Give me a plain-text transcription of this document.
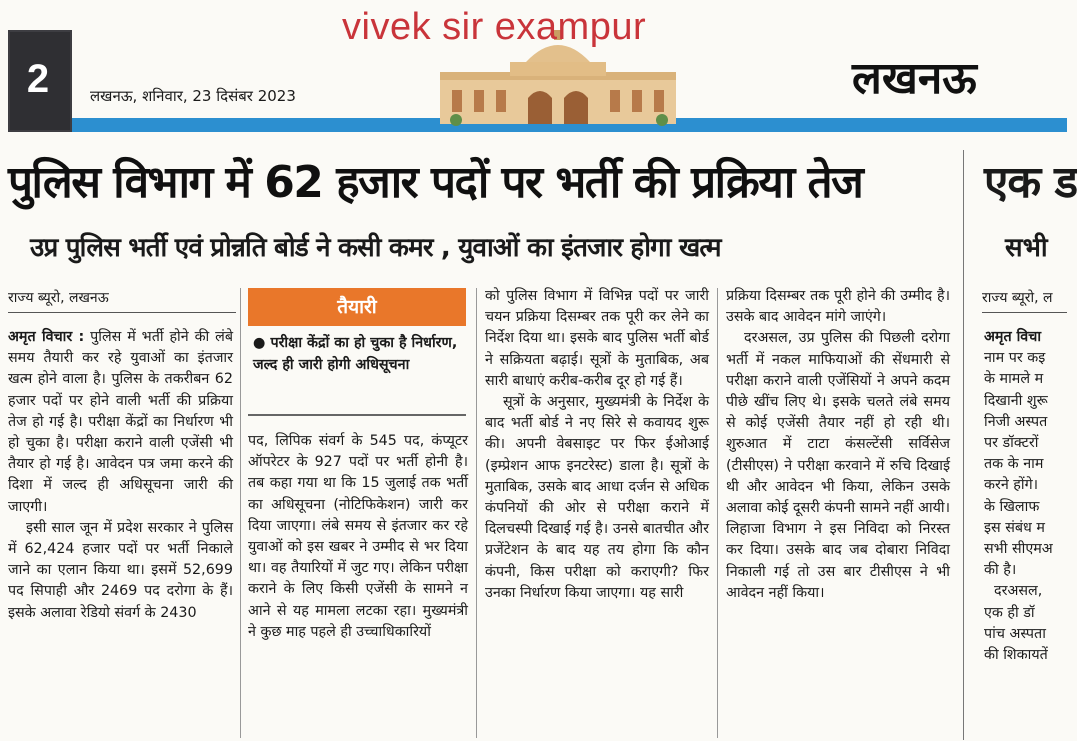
2	लखनऊ, शनिवार, 23 दिसंबर 2023
vivek sir exampur
लखनऊ
पुलिस विभाग में 62 हजार पदों पर भर्ती की प्रक्रिया तेज
उप्र पुलिस भर्ती एवं प्रोन्नति बोर्ड ने कसी कमर , युवाओं का इंतजार होगा खत्म
एक ड
सभी
राज्य ब्यूरो, लखनऊ

अमृत विचार : पुलिस में भर्ती होने की लंबे समय तैयारी कर रहे युवाओं का इंतजार खत्म होने वाला है। पुलिस के तकरीबन 62 हजार पदों पर होने वाली भर्ती की प्रक्रिया तेज हो गई है। परीक्षा केंद्रों का निर्धारण भी हो चुका है। परीक्षा कराने वाली एजेंसी भी तैयार हो गई है। आवेदन पत्र जमा करने की दिशा में जल्द ही अधिसूचना जारी की जाएगी।

इसी साल जून में प्रदेश सरकार ने पुलिस में 62,424 हजार पदों पर भर्ती निकाले जाने का एलान किया था। इसमें 52,699 पद सिपाही और 2469 पद दरोगा के हैं। इसके अलावा रेडियो संवर्ग के 2430

तैयारी
● परीक्षा केंद्रों का हो चुका है निर्धारण, जल्द ही जारी होगी अधिसूचना

पद, लिपिक संवर्ग के 545 पद, कंप्यूटर ऑपरेटर के 927 पदों पर भर्ती होनी है। तब कहा गया था कि 15 जुलाई तक भर्ती का अधिसूचना (नोटिफिकेशन) जारी कर दिया जाएगा। लंबे समय से इंतजार कर रहे युवाओं को इस खबर ने उम्मीद से भर दिया था। वह तैयारियों में जुट गए। लेकिन परीक्षा कराने के लिए किसी एजेंसी के सामने न आने से यह मामला लटका रहा। मुख्यमंत्री ने कुछ माह पहले ही उच्चाधिकारियों

को पुलिस विभाग में विभिन्न पदों पर जारी चयन प्रक्रिया दिसम्बर तक पूरी कर लेने का निर्देश दिया था। इसके बाद पुलिस भर्ती बोर्ड ने सक्रियता बढ़ाई। सूत्रों के मुताबिक, अब सारी बाधाएं करीब-करीब दूर हो गई हैं।

सूत्रों के अनुसार, मुख्यमंत्री के निर्देश के बाद भर्ती बोर्ड ने नए सिरे से कवायद शुरू की। अपनी वेबसाइट पर फिर ईओआई (इम्प्रेशन आफ इनटरेस्ट) डाला है। सूत्रों के मुताबिक, उसके बाद आधा दर्जन से अधिक कंपनियों की ओर से परीक्षा कराने में दिलचस्पी दिखाई गई है। उनसे बातचीत और प्रजेंटेशन के बाद यह तय होगा कि कौन कंपनी, किस परीक्षा को कराएगी? फिर उनका निर्धारण किया जाएगा। यह सारी

प्रक्रिया दिसम्बर तक पूरी होने की उम्मीद है। उसके बाद आवेदन मांगे जाएंगे।

दरअसल, उप्र पुलिस की पिछली दरोगा भर्ती में नकल माफियाओं की सेंधमारी से परीक्षा कराने वाली एजेंसियों ने अपने कदम पीछे खींच लिए थे। इसके चलते लंबे समय से कोई एजेंसी तैयार नहीं हो रही थी। शुरुआत में टाटा कंसल्टेंसी सर्विसेज (टीसीएस) ने परीक्षा करवाने में रुचि दिखाई थी और आवेदन भी किया, लेकिन उसके अलावा कोई दूसरी कंपनी सामने नहीं आयी। लिहाजा विभाग ने इस निविदा को निरस्त कर दिया। उसके बाद जब दोबारा निविदा निकाली गई तो उस बार टीसीएस ने भी आवेदन नहीं किया।

राज्य ब्यूरो, ल
अमृत विचा
नाम पर कइ
के मामले म
दिखानी शुरू
निजी अस्पत
पर डॉक्टरों
तक के नाम
करने होंगे।
के खिलाफ
इस संबंध म
सभी सीएमअ
की है।
दरअसल,
एक ही डॉ
पांच अस्पता
की शिकायतें
